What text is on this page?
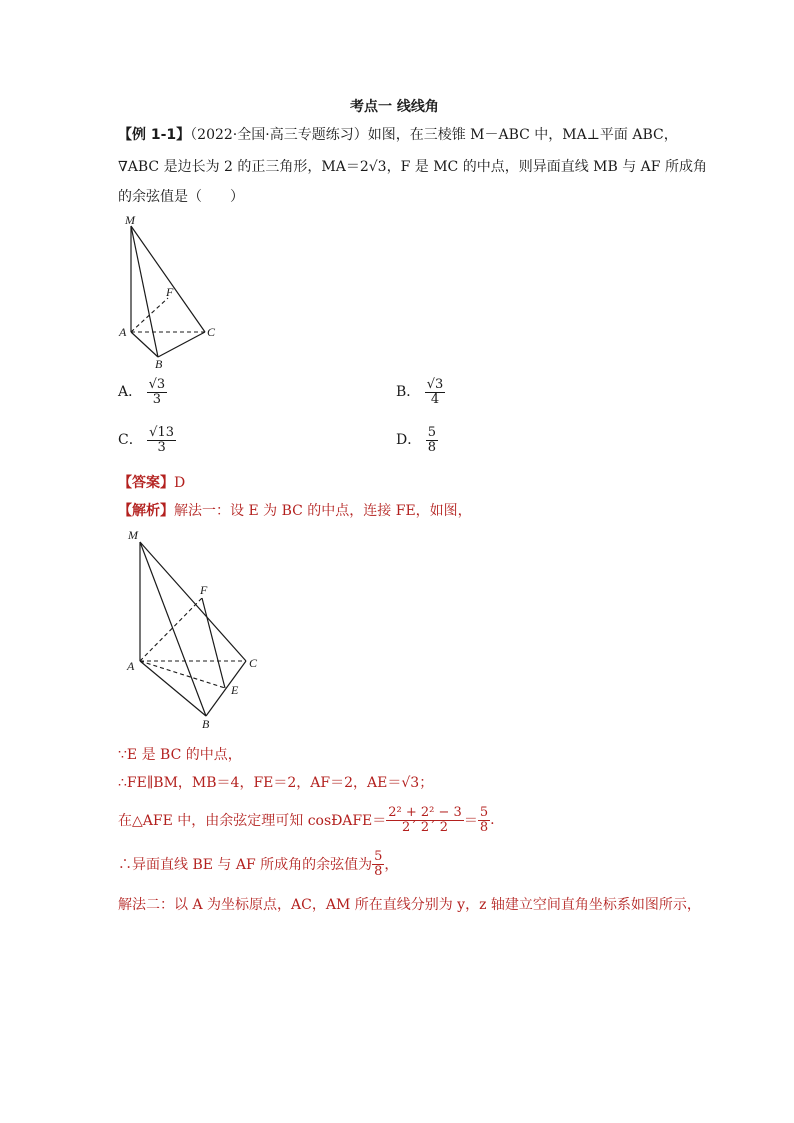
考点一 线线角
【例 1-1】（2022·全国·高三专题练习）如图，在三棱锥 M－ABC 中，MA⊥平面 ABC，
∇ABC 是边长为 2 的正三角形，MA＝2√3，F 是 MC 的中点，则异面直线 MB 与 AF 所成角
的余弦值是（　　）
M
F
A	C
B
A． $\frac{√3}{3}$	B． $\frac{√3}{4}$
C． $\frac{√13}{3}$	D． $\frac{5}{8}$
【答案】D
【解析】解法一：设 E 为 BC 的中点，连接 FE，如图，
M
F
A	C
E
B
∵E 是 BC 的中点，
∴FE∥BM，MB＝4，FE＝2，AF＝2，AE＝√3；
在△AFE 中，由余弦定理可知 cosÐAFE＝ $\frac{\text{2² + 2² − 3}}{2´ 2´ 2} = \frac{5}{8}$ .
∴异面直线 BE 与 AF 所成角的余弦值为 $\frac{5}{8}$ ，
解法二：以 A 为坐标原点，AC，AM 所在直线分别为 y，z 轴建立空间直角坐标系如图所示，
